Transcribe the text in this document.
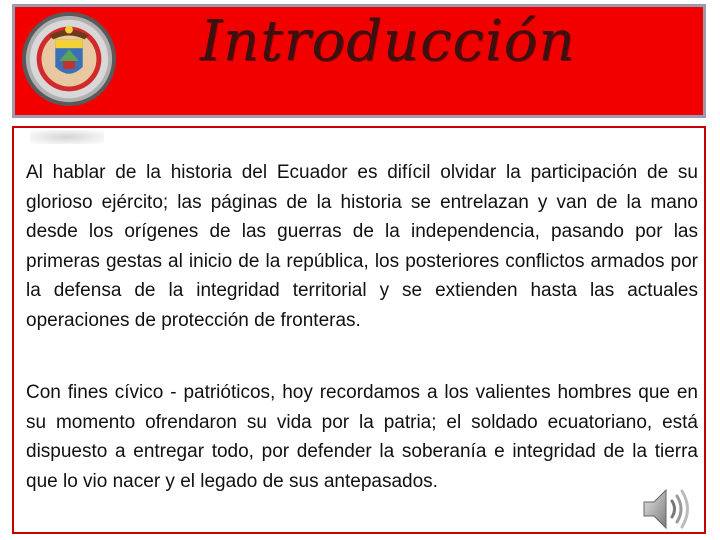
Introducción

Al hablar de la historia del Ecuador es difícil olvidar la participación de su glorioso ejército; las páginas de la historia se entrelazan y van de la mano desde los orígenes de las guerras de la independencia, pasando por las primeras gestas al inicio de la república, los posteriores conflictos armados por la defensa de la integridad territorial y se extienden hasta las actuales operaciones de protección de fronteras.

Con fines cívico - patrióticos, hoy recordamos a los valientes hombres que en su momento ofrendaron su vida por la patria; el soldado ecuatoriano, está dispuesto a entregar todo, por defender la soberanía e integridad de la tierra que lo vio nacer y el legado de sus antepasados.
